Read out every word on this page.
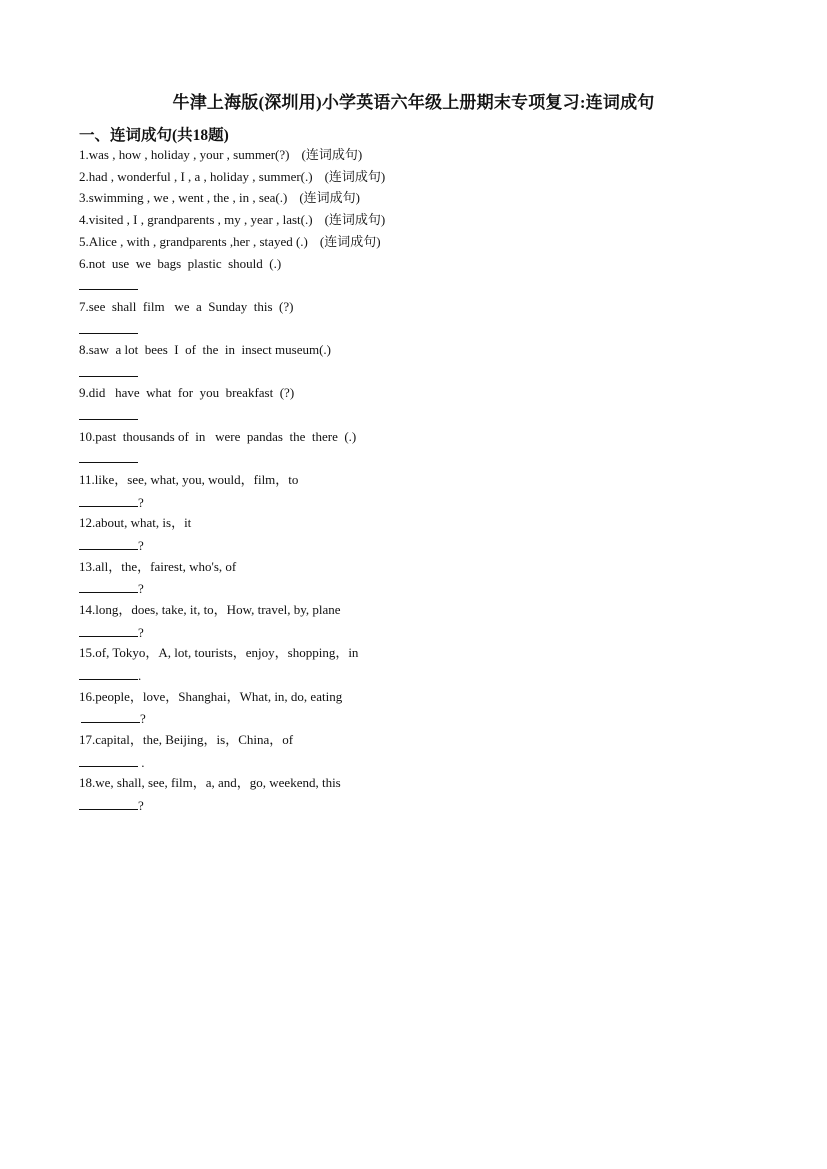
牛津上海版(深圳用)小学英语六年级上册期末专项复习:连词成句
一、连词成句(共18题)
1.was , how , holiday , your , summer(?) (连词成句)
2.had , wonderful , I , a , holiday , summer(.) (连词成句)
3.swimming , we , went , the , in , sea(.) (连词成句)
4.visited , I , grandparents , my , year , last(.) (连词成句)
5.Alice , with , grandparents ,her , stayed (.) (连词成句)
6.not  use  we  bags  plastic  should  (.)
7.see  shall  film   we  a  Sunday  this  (?)
8.saw  a lot  bees  I  of  the  in  insect museum(.)
9.did   have  what  for  you  breakfast  (?)
10.past  thousands of  in   were  pandas  the  there  (.)
11.like，see, what, you, would，film，to
?
12.about, what, is，it
?
13.all，the，fairest, who's, of
?
14.long，does, take, it, to，How, travel, by, plane
?
15.of, Tokyo，A, lot, tourists，enjoy，shopping，in
.
16.people，love，Shanghai，What, in, do, eating
?
17.capital，the, Beijing，is，China，of
.
18.we, shall, see, film，a, and，go, weekend, this
?
